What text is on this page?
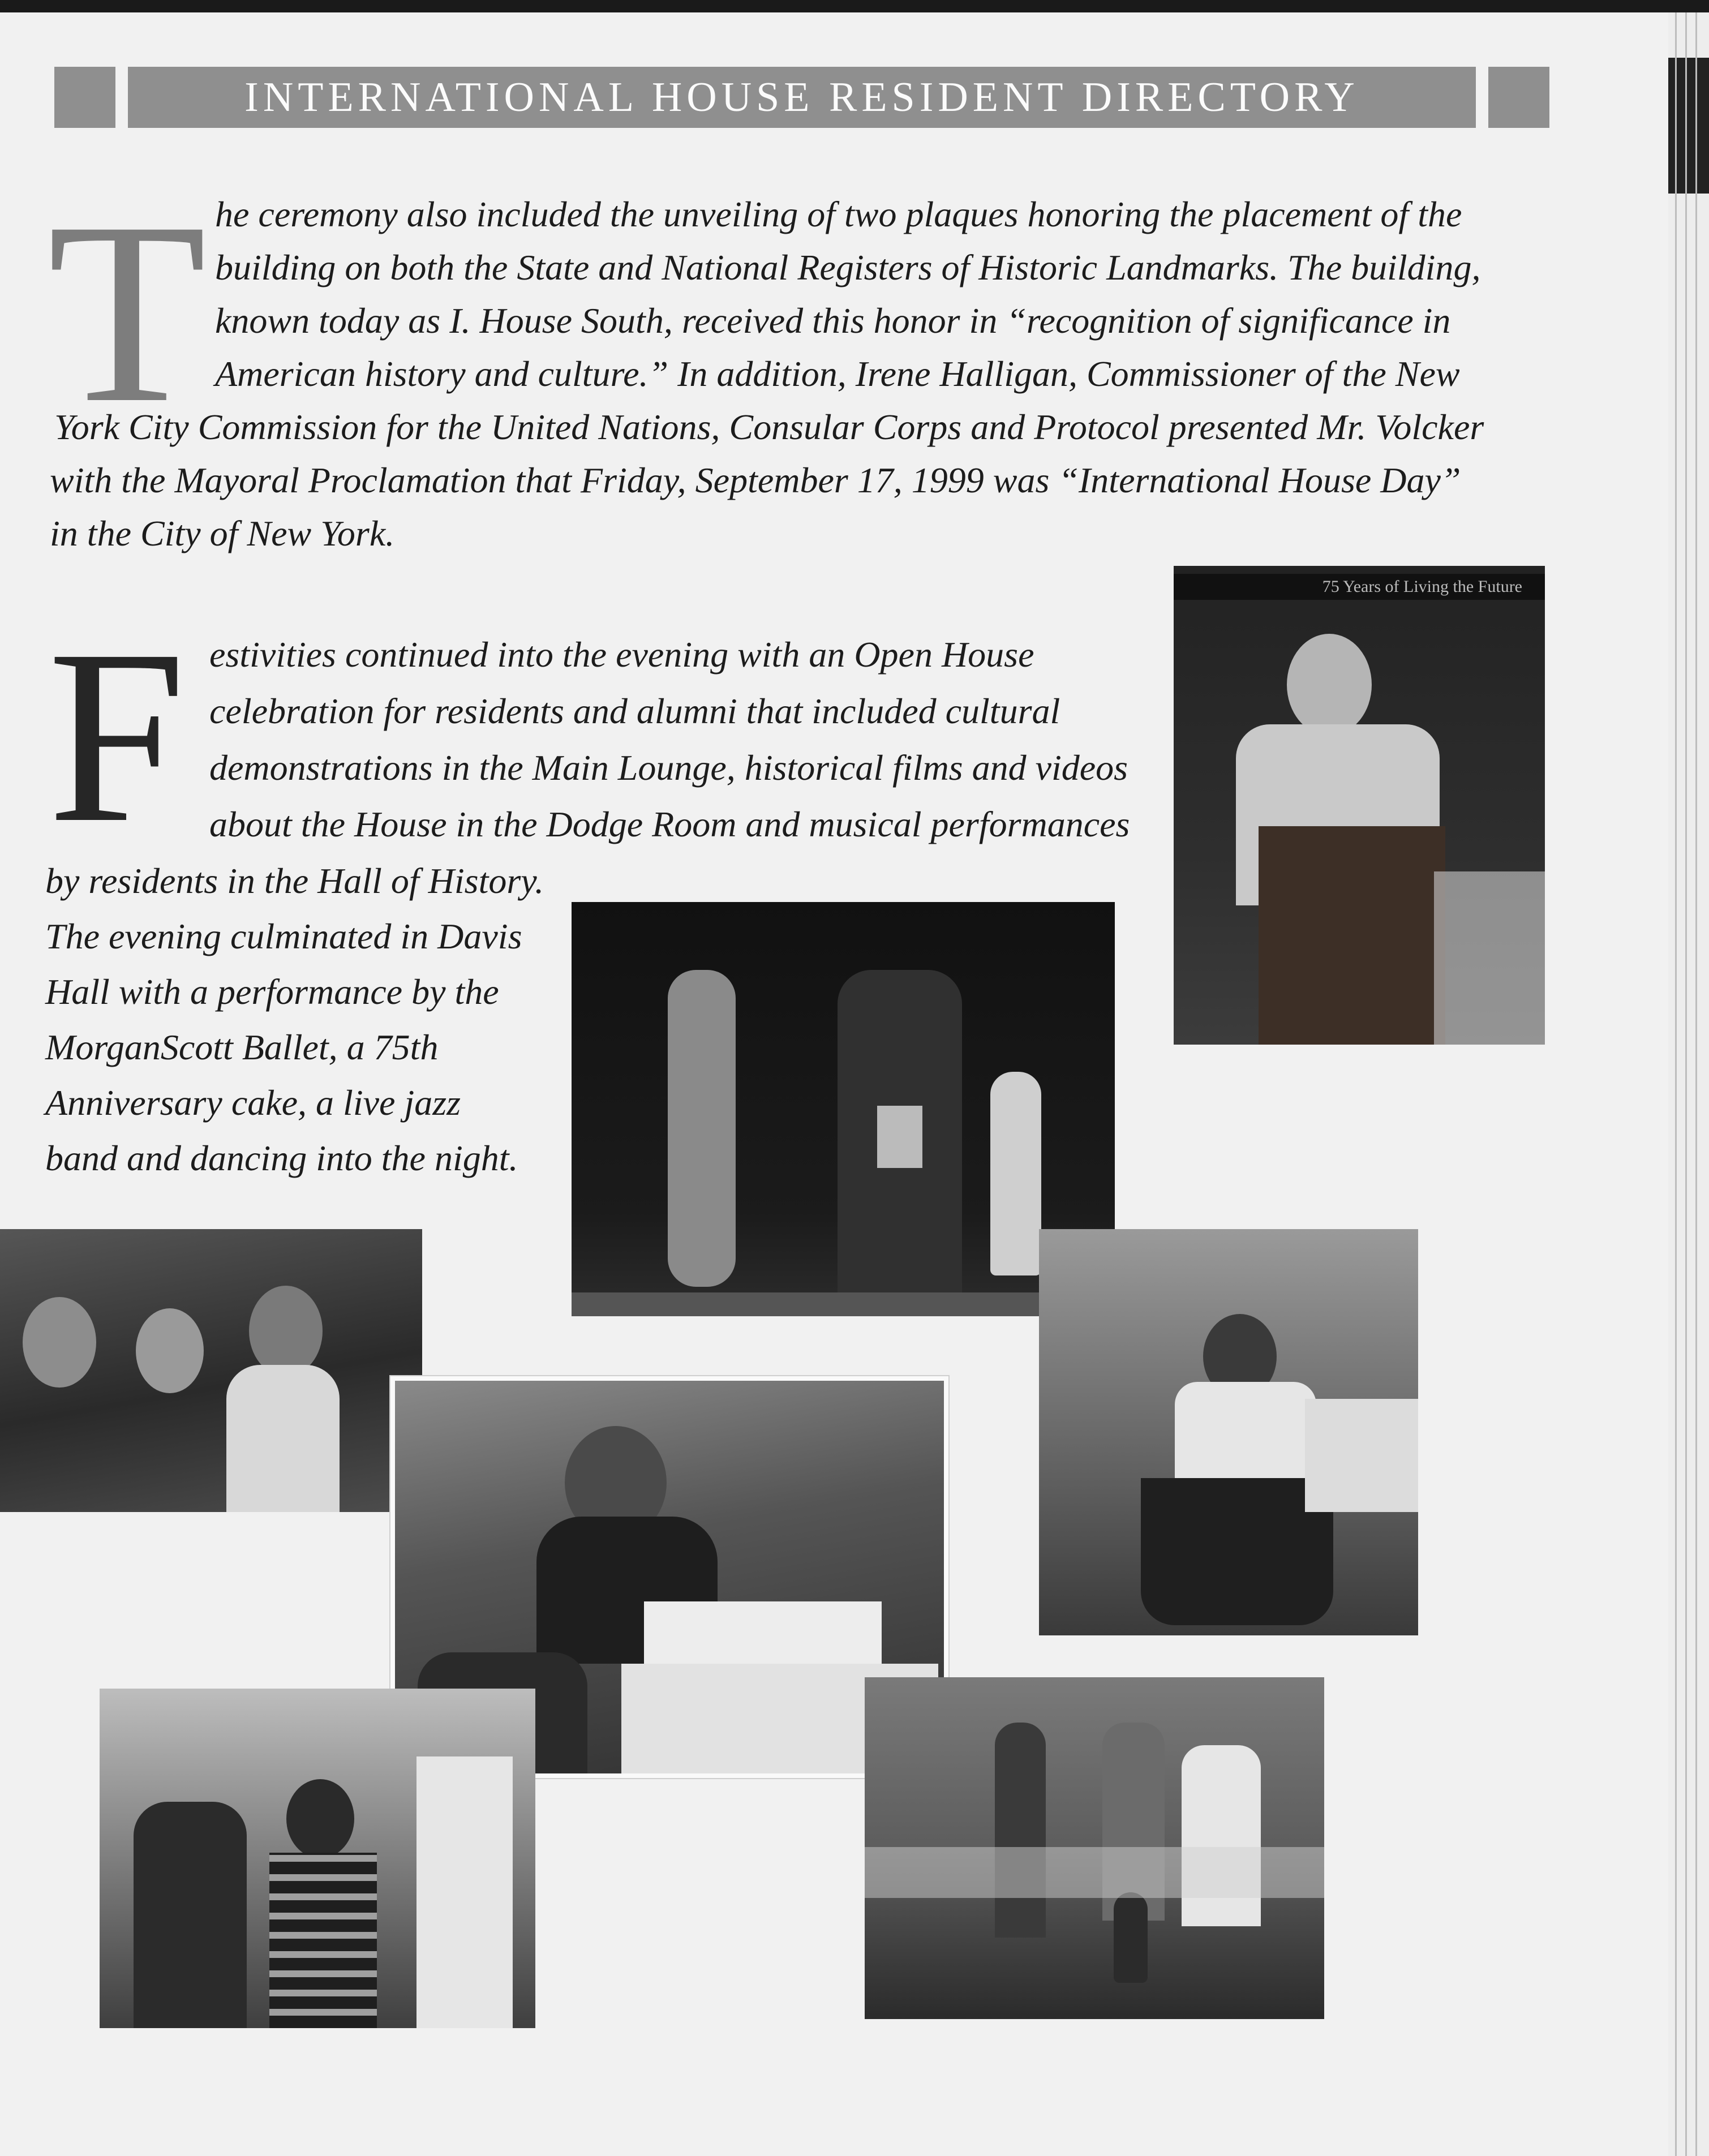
INTERNATIONAL HOUSE RESIDENT DIRECTORY
T he ceremony also included the unveiling of two plaques honoring the placement of the
building on both the State and National Registers of Historic Landmarks. The building,
known today as I. House South, received this honor in “recognition of significance in
American history and culture.” In addition, Irene Halligan, Commissioner of the New
York City Commission for the United Nations, Consular Corps and Protocol presented Mr. Volcker
with the Mayoral Proclamation that Friday, September 17, 1999 was “International House Day”
in the City of New York.
F estivities continued into the evening with an Open House
celebration for residents and alumni that included cultural
demonstrations in the Main Lounge, historical films and videos
about the House in the Dodge Room and musical performances
by residents in the Hall of History.
The evening culminated in Davis
Hall with a performance by the
MorganScott Ballet, a 75th
Anniversary cake, a live jazz
band and dancing into the night.
75 Years of Living the Future
